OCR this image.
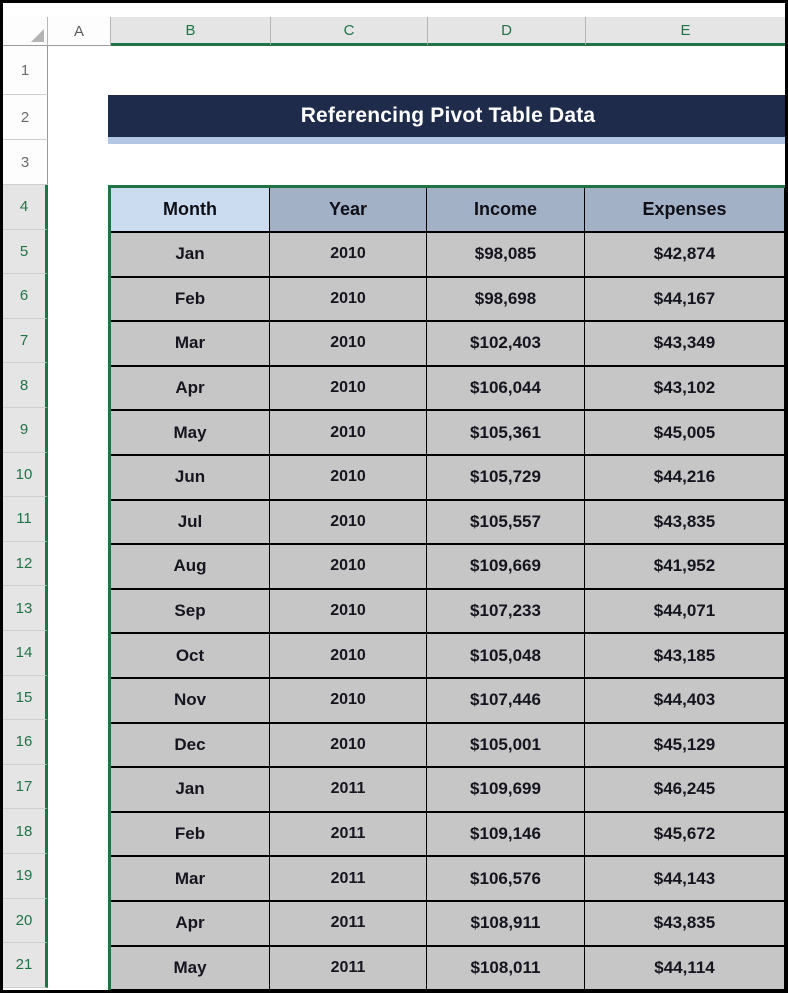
A	B	C	D	E
1
2
3
4
5
6
7
8
9
10
11
12
13
14
15
16
17
18
19
20
21
Referencing Pivot Table Data
Month	Year	Income	Expenses
Jan	2010	$98,085	$42,874
Feb	2010	$98,698	$44,167
Mar	2010	$102,403	$43,349
Apr	2010	$106,044	$43,102
May	2010	$105,361	$45,005
Jun	2010	$105,729	$44,216
Jul	2010	$105,557	$43,835
Aug	2010	$109,669	$41,952
Sep	2010	$107,233	$44,071
Oct	2010	$105,048	$43,185
Nov	2010	$107,446	$44,403
Dec	2010	$105,001	$45,129
Jan	2011	$109,699	$46,245
Feb	2011	$109,146	$45,672
Mar	2011	$106,576	$44,143
Apr	2011	$108,911	$43,835
May	2011	$108,011	$44,114
